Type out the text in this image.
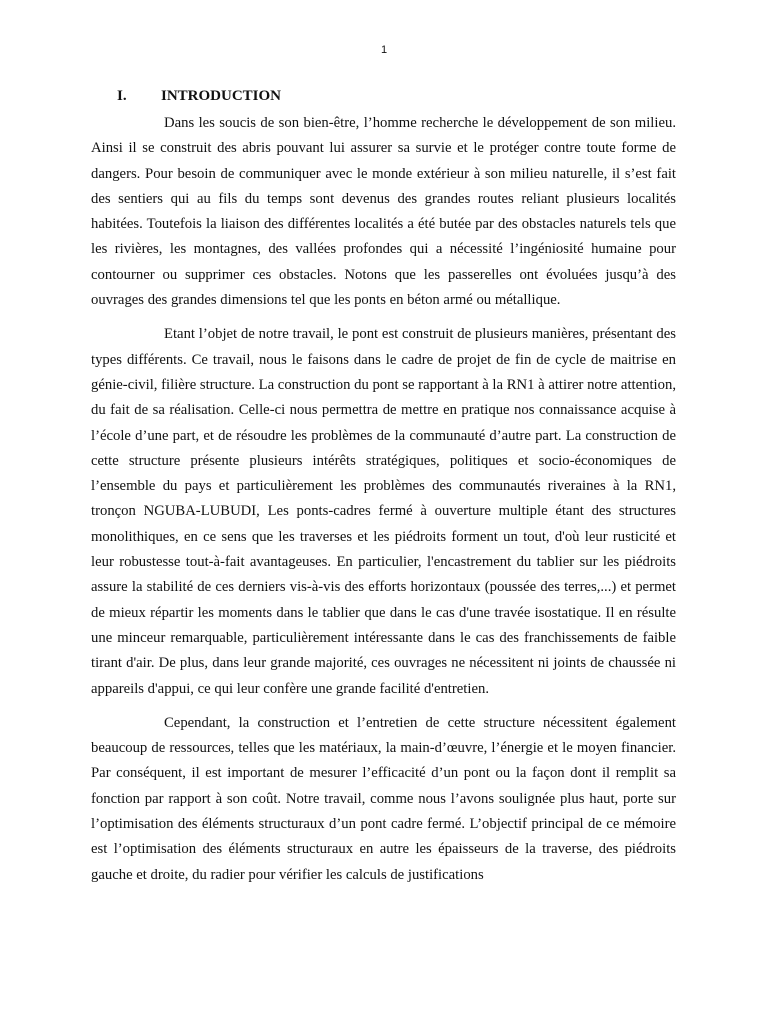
1
I. INTRODUCTION

Dans les soucis de son bien-être, l’homme recherche le développement de son milieu. Ainsi il se construit des abris pouvant lui assurer sa survie et le protéger contre toute forme de dangers. Pour besoin de communiquer avec le monde extérieur à son milieu naturelle, il s’est fait des sentiers qui au fils du temps sont devenus des grandes routes reliant plusieurs localités habitées. Toutefois la liaison des différentes localités a été butée par des obstacles naturels tels que les rivières, les montagnes, des vallées profondes qui a nécessité l’ingéniosité humaine pour contourner ou supprimer ces obstacles. Notons que les passerelles ont évoluées jusqu’à des ouvrages des grandes dimensions tel que les ponts en béton armé ou métallique.

Etant l’objet de notre travail, le pont est construit de plusieurs manières, présentant des types différents. Ce travail, nous le faisons dans le cadre de projet de fin de cycle de maitrise en génie-civil, filière structure. La construction du pont se rapportant à la RN1 à attirer notre attention, du fait de sa réalisation. Celle-ci nous permettra de mettre en pratique nos connaissance acquise à l’école d’une part, et de résoudre les problèmes de la communauté d’autre part. La construction de cette structure présente plusieurs intérêts stratégiques, politiques et socio-économiques de l’ensemble du pays et particulièrement les problèmes des communautés riveraines à la RN1, tronçon NGUBA-LUBUDI, Les ponts-cadres fermé à ouverture multiple étant des structures monolithiques, en ce sens que les traverses et les piédroits forment un tout, d'où leur rusticité et leur robustesse tout-à-fait avantageuses. En particulier, l'encastrement du tablier sur les piédroits assure la stabilité de ces derniers vis-à-vis des efforts horizontaux (poussée des terres,...) et permet de mieux répartir les moments dans le tablier que dans le cas d'une travée isostatique. Il en résulte une minceur remarquable, particulièrement intéressante dans le cas des franchissements de faible tirant d'air. De plus, dans leur grande majorité, ces ouvrages ne nécessitent ni joints de chaussée ni appareils d'appui, ce qui leur confère une grande facilité d'entretien.

Cependant, la construction et l’entretien de cette structure nécessitent également beaucoup de ressources, telles que les matériaux, la main-d’œuvre, l’énergie et le moyen financier. Par conséquent, il est important de mesurer l’efficacité d’un pont ou la façon dont il remplit sa fonction par rapport à son coût. Notre travail, comme nous l’avons soulignée plus haut, porte sur l’optimisation des éléments structuraux d’un pont cadre fermé. L’objectif principal de ce mémoire est l’optimisation des éléments structuraux en autre les épaisseurs de la traverse, des piédroits gauche et droite, du radier pour vérifier les calculs de justifications
